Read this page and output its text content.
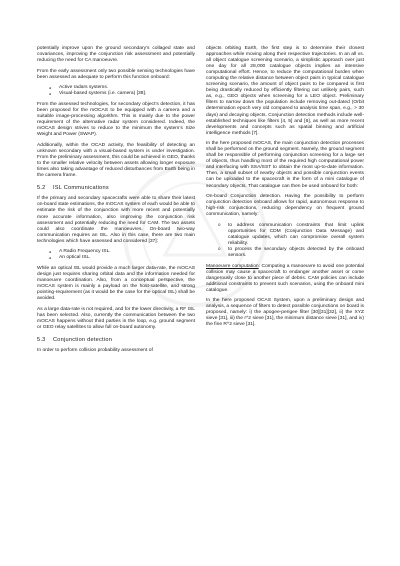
potentially improve upon the ground secondary’s collaged state and covariances, improving the conjunction risk assessment and potentially reducing the need for CA manoeuvre.

From the early assessment only two possible sensing technologies have been assessed as adequate to perform this function onboard:

● Active radars systems.
● Visual-based systems (i.e. camera) [38].

From the assessed technologies, for secondary object’s detection, it has been proposed for the mOCAS to be equipped with a camera and a suitable image-processing algorithm. This is mainly due to the power requirement of the alternative radar system considered. Indeed, the mOCAS design strives to reduce to the minimum the system’s Size Weight and Power (SWAP).

Additionally, within the OCAD activity, the feasibility of detecting an unknown secondary with a visual-based system is under investigation. From the preliminary assessment, this could be achieved in GEO, thanks to the smaller relative velocity between assets allowing longer exposure times also taking advantage of reduced disturbances from Earth being in the camera frame.

5.2 ISL Communications

If the primary and secondary spacecrafts were able to share their latest on-board state estimations, the mOCAS system of each would be able to estimate the risk of the conjunction with more recent and potentially more accurate information, also improving the conjunction risk assessment and potentially reducing the need for CAM. The two assets could also coordinate the manoeuvres. On-board two-way communication requires an ISL. Also in this case, there are two main technologies which have assessed and considered [37]:

● A Radio Frequency ISL.
● An optical ISL.

While an optical ISL would provide a much larger data-rate, the mOCAS design just requires sharing orbital data and the information needed for manoeuvre coordination. Also, from a conceptual perspective, the mOCAS system is mainly a payload on the host-satellite, and strong pointing-requirement (as it would be the case for the optical ISL) shall be avoided.

As a large data-rate is not required, and for the lower directivity, a RF ISL has been selected. Also, currently the communication between the two mOCAS happens without third parties in the loop, e.g. ground segment or GEO relay satellites to allow full on-board autonomy.

5.3 Conjunction detection

In order to perform collision probability assessment of

objects orbiting Earth, the first step is to determine their closest approaches while moving along their respective trajectories. In an all vs. all object catalogue screening scenario, a simplistic approach over just one day for all 28,000 catalogue objects implies an intensive computational effort. Hence, to reduce the computational burden when computing the relative distance between object pairs in typical catalogue screening scenario, the amount of object pairs to be compared is first being drastically reduced by efficiently filtering out unlikely pairs, such as, e.g., GEO objects when screening for a LEO object. Preliminary filters to narrow down the population include removing out-dated (Orbit determination epoch very old compared to analysis time span, e.g., > 30 days) and decaying objects. Conjunction detection methods include well-established techniques like filters [4, 5] and [6], as well as more recent developments and concepts such as spatial binning and artificial intelligence methods [7].

In the here proposed mOCAS, the main conjunction detection processes shall be performed on the ground segment. Namely, the ground segment shall be responsible of performing conjunction screening for a large set of objects, thus handling most of the required high computational power and interfacing with SSA/SST to obtain the most up-to-date information. Then, a small subset of nearby objects and possible conjunction events can be uploaded to the spacecraft in the form of a mini catalogue of secondary objects. That catalogue can then be used onboard for both:

On-board Conjunction detection. Having the possibility to perform conjunction detection onboard allows for rapid, autonomous response to high-risk conjunctions, reducing dependency on frequent ground communication, namely:

o to address communication constraints that limit uplink opportunities for CDM (Conjunction Data Message) and catalogue updates, which can compromise overall system reliability.
o to process the secondary objects detected by the onboard sensors.

Manoeuvre computation: Computing a manoeuvre to avoid one potential collision may cause a spacecraft to endanger another asset or come dangerously close to another piece of debris. CAM policies can include additional constraints to prevent such scenarios, using the onboard mini catalogue.

In the here proposed OCAS System, upon a preliminary design and analysis, a sequence of filters to detect possible conjunctions on board is proposed, namely: i) the apogee-perigee filter [30][31][32], ii) the XYZ sieve [31], iii) the r^2 sieve [31], the minimum distance sieve [31], and iv) the fine R^2 sieve [31].
